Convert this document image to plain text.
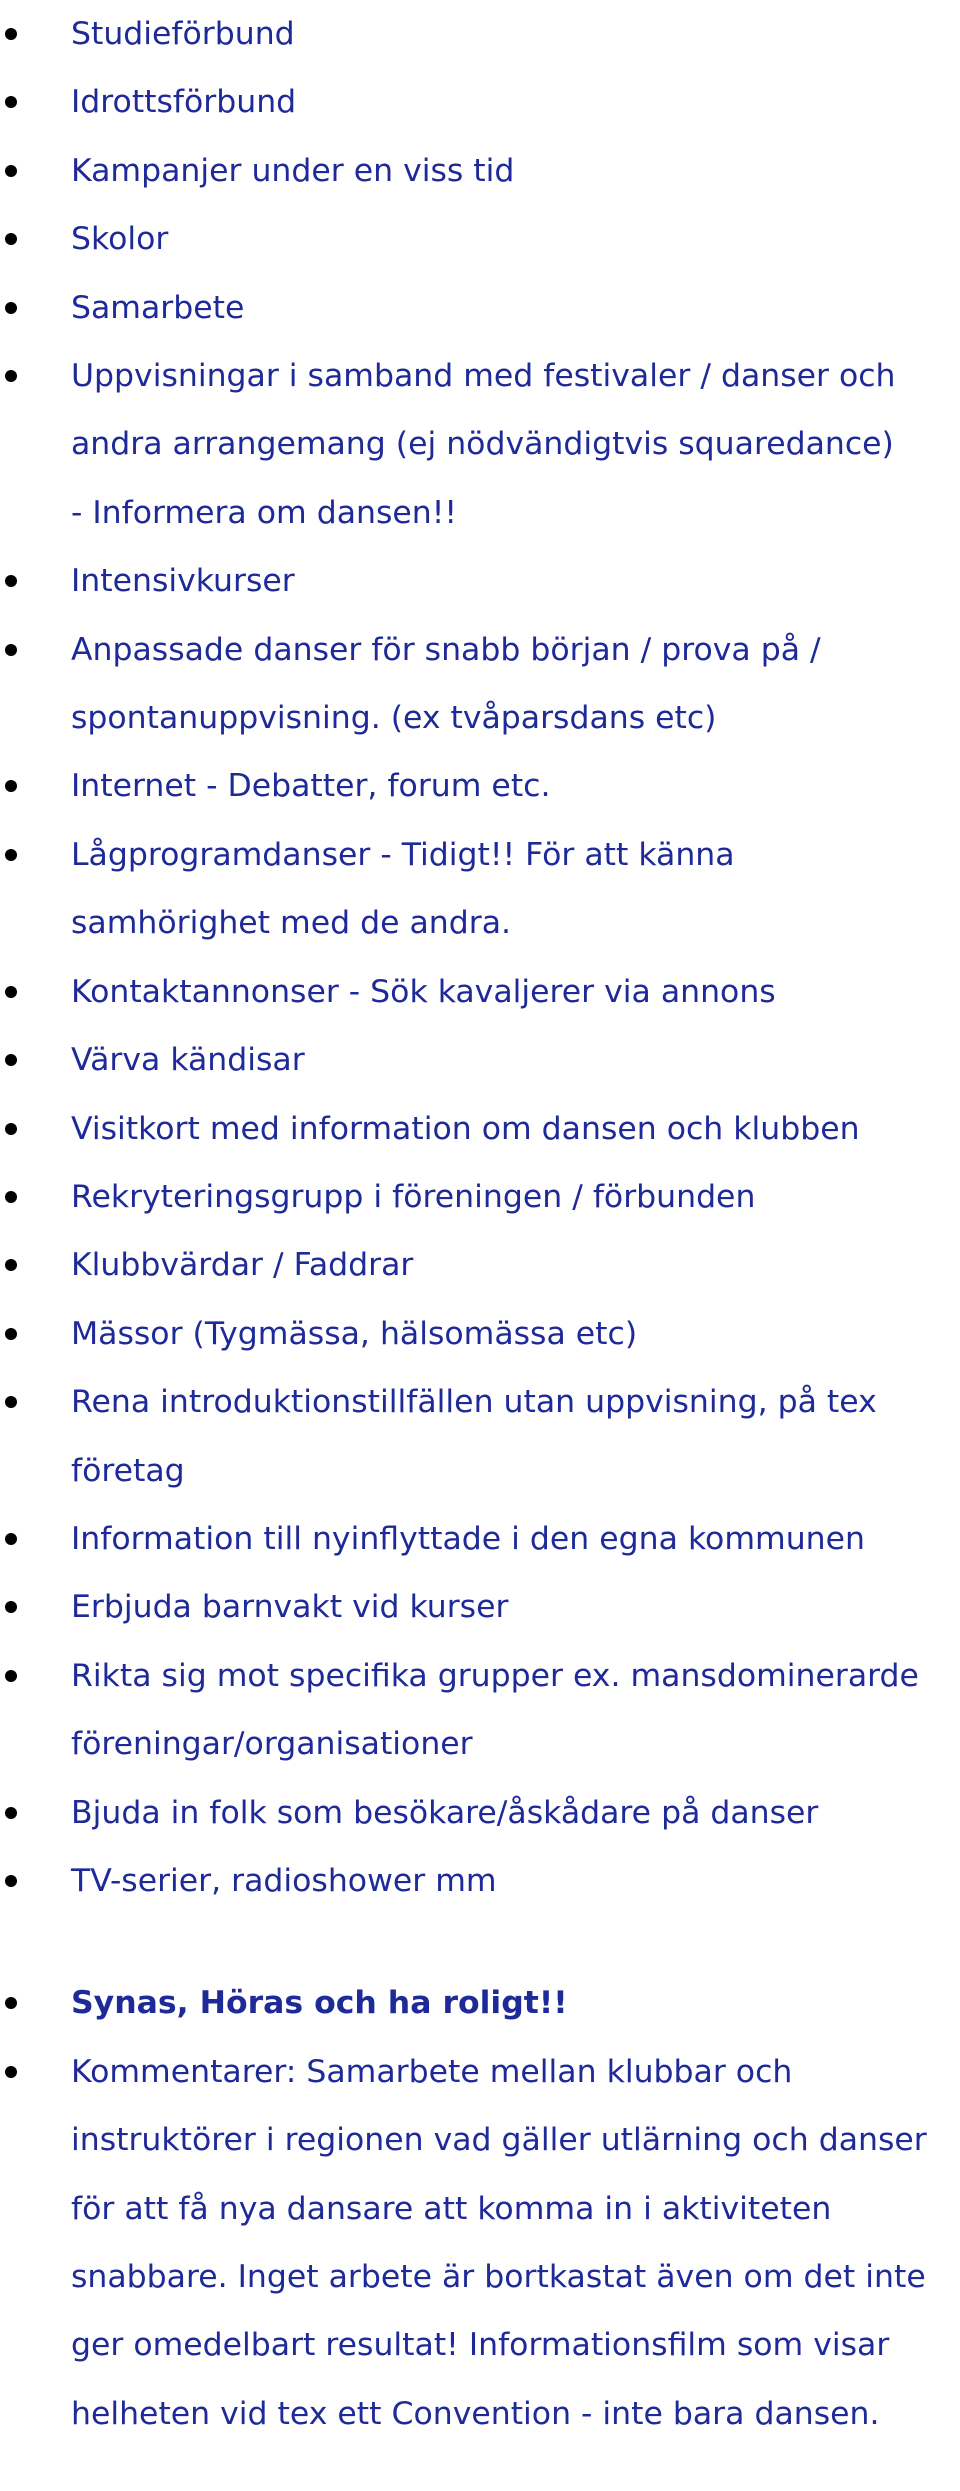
Studieförbund
Idrottsförbund
Kampanjer under en viss tid
Skolor
Samarbete
Uppvisningar i samband med festivaler / danser och andra arrangemang (ej nödvändigtvis squaredance) - Informera om dansen!!
Intensivkurser
Anpassade danser för snabb början / prova på / spontanuppvisning. (ex tvåparsdans etc)
Internet - Debatter, forum etc.
Lågprogramdanser - Tidigt!! För att känna samhörighet med de andra.
Kontaktannonser - Sök kavaljerer via annons
Värva kändisar
Visitkort med information om dansen och klubben
Rekryteringsgrupp i föreningen / förbunden
Klubbvärdar / Faddrar
Mässor (Tygmässa, hälsomässa etc)
Rena introduktionstillfällen utan uppvisning, på tex företag
Information till nyinflyttade i den egna kommunen
Erbjuda barnvakt vid kurser
Rikta sig mot specifika grupper ex. mansdominerarde föreningar/organisationer
Bjuda in folk som besökare/åskådare på danser
TV-serier, radioshower mm
Synas, Höras och ha roligt!!
Kommentarer: Samarbete mellan klubbar och instruktörer i regionen vad gäller utlärning och danser för att få nya dansare att komma in i aktiviteten snabbare. Inget arbete är bortkastat även om det inte ger omedelbart resultat! Informationsfilm som visar helheten vid tex ett Convention - inte bara dansen.
